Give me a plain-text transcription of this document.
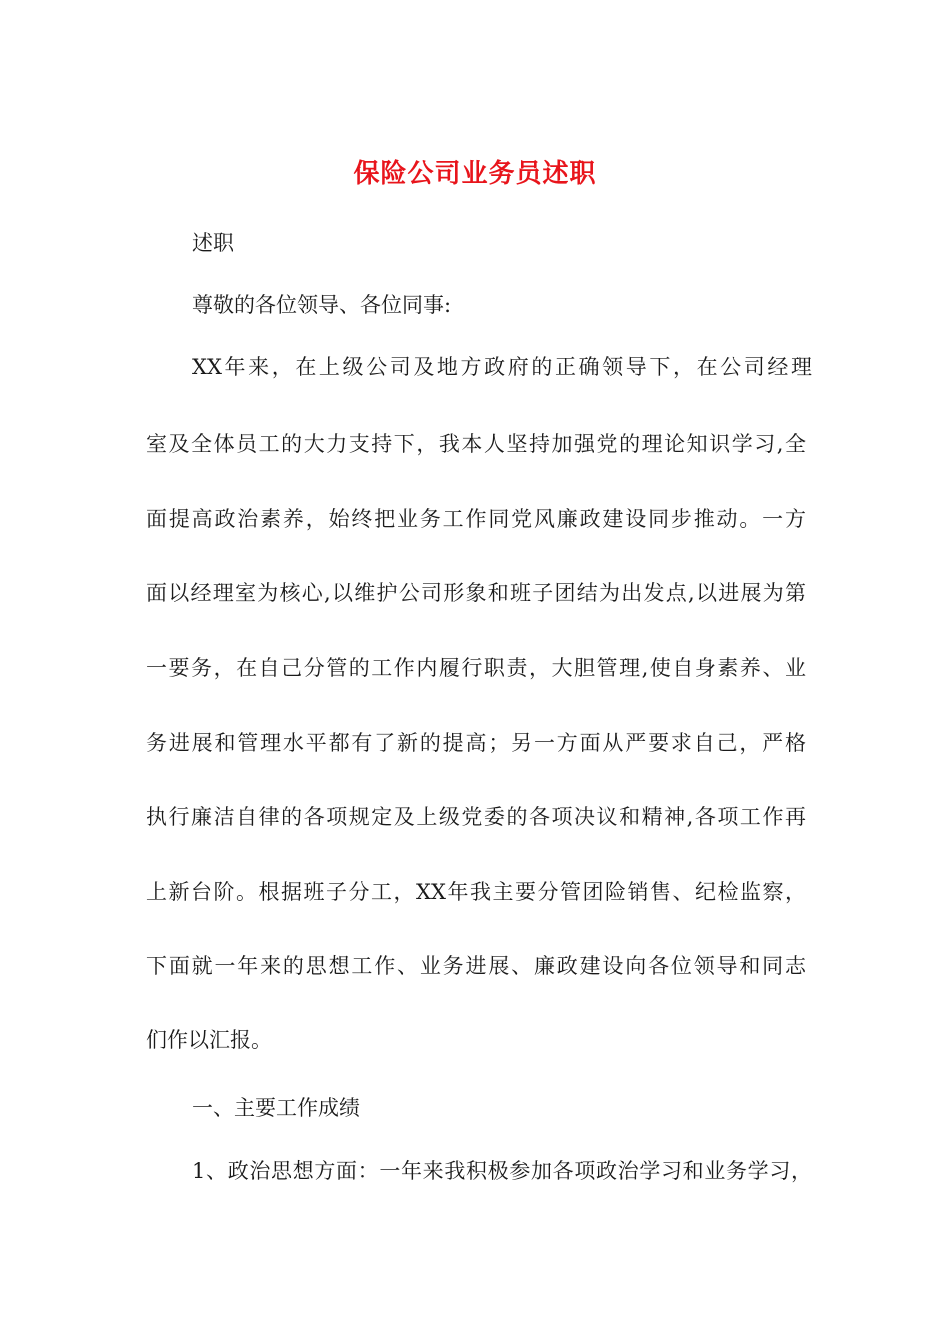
保险公司业务员述职

述职

尊敬的各位领导、各位同事:

XX年来，在上级公司及地方政府的正确领导下，在公司经理

室及全体员工的大力支持下，我本人坚持加强党的理论知识学习,全

面提高政治素养，始终把业务工作同党风廉政建设同步推动。一方

面以经理室为核心,以维护公司形象和班子团结为出发点,以进展为第

一要务，在自己分管的工作内履行职责，大胆管理,使自身素养、业

务进展和管理水平都有了新的提高；另一方面从严要求自己，严格

执行廉洁自律的各项规定及上级党委的各项决议和精神,各项工作再

上新台阶。根据班子分工，XX年我主要分管团险销售、纪检监察，

下面就一年来的思想工作、业务进展、廉政建设向各位领导和同志

们作以汇报。

一、主要工作成绩

1、政治思想方面：一年来我积极参加各项政治学习和业务学习，
